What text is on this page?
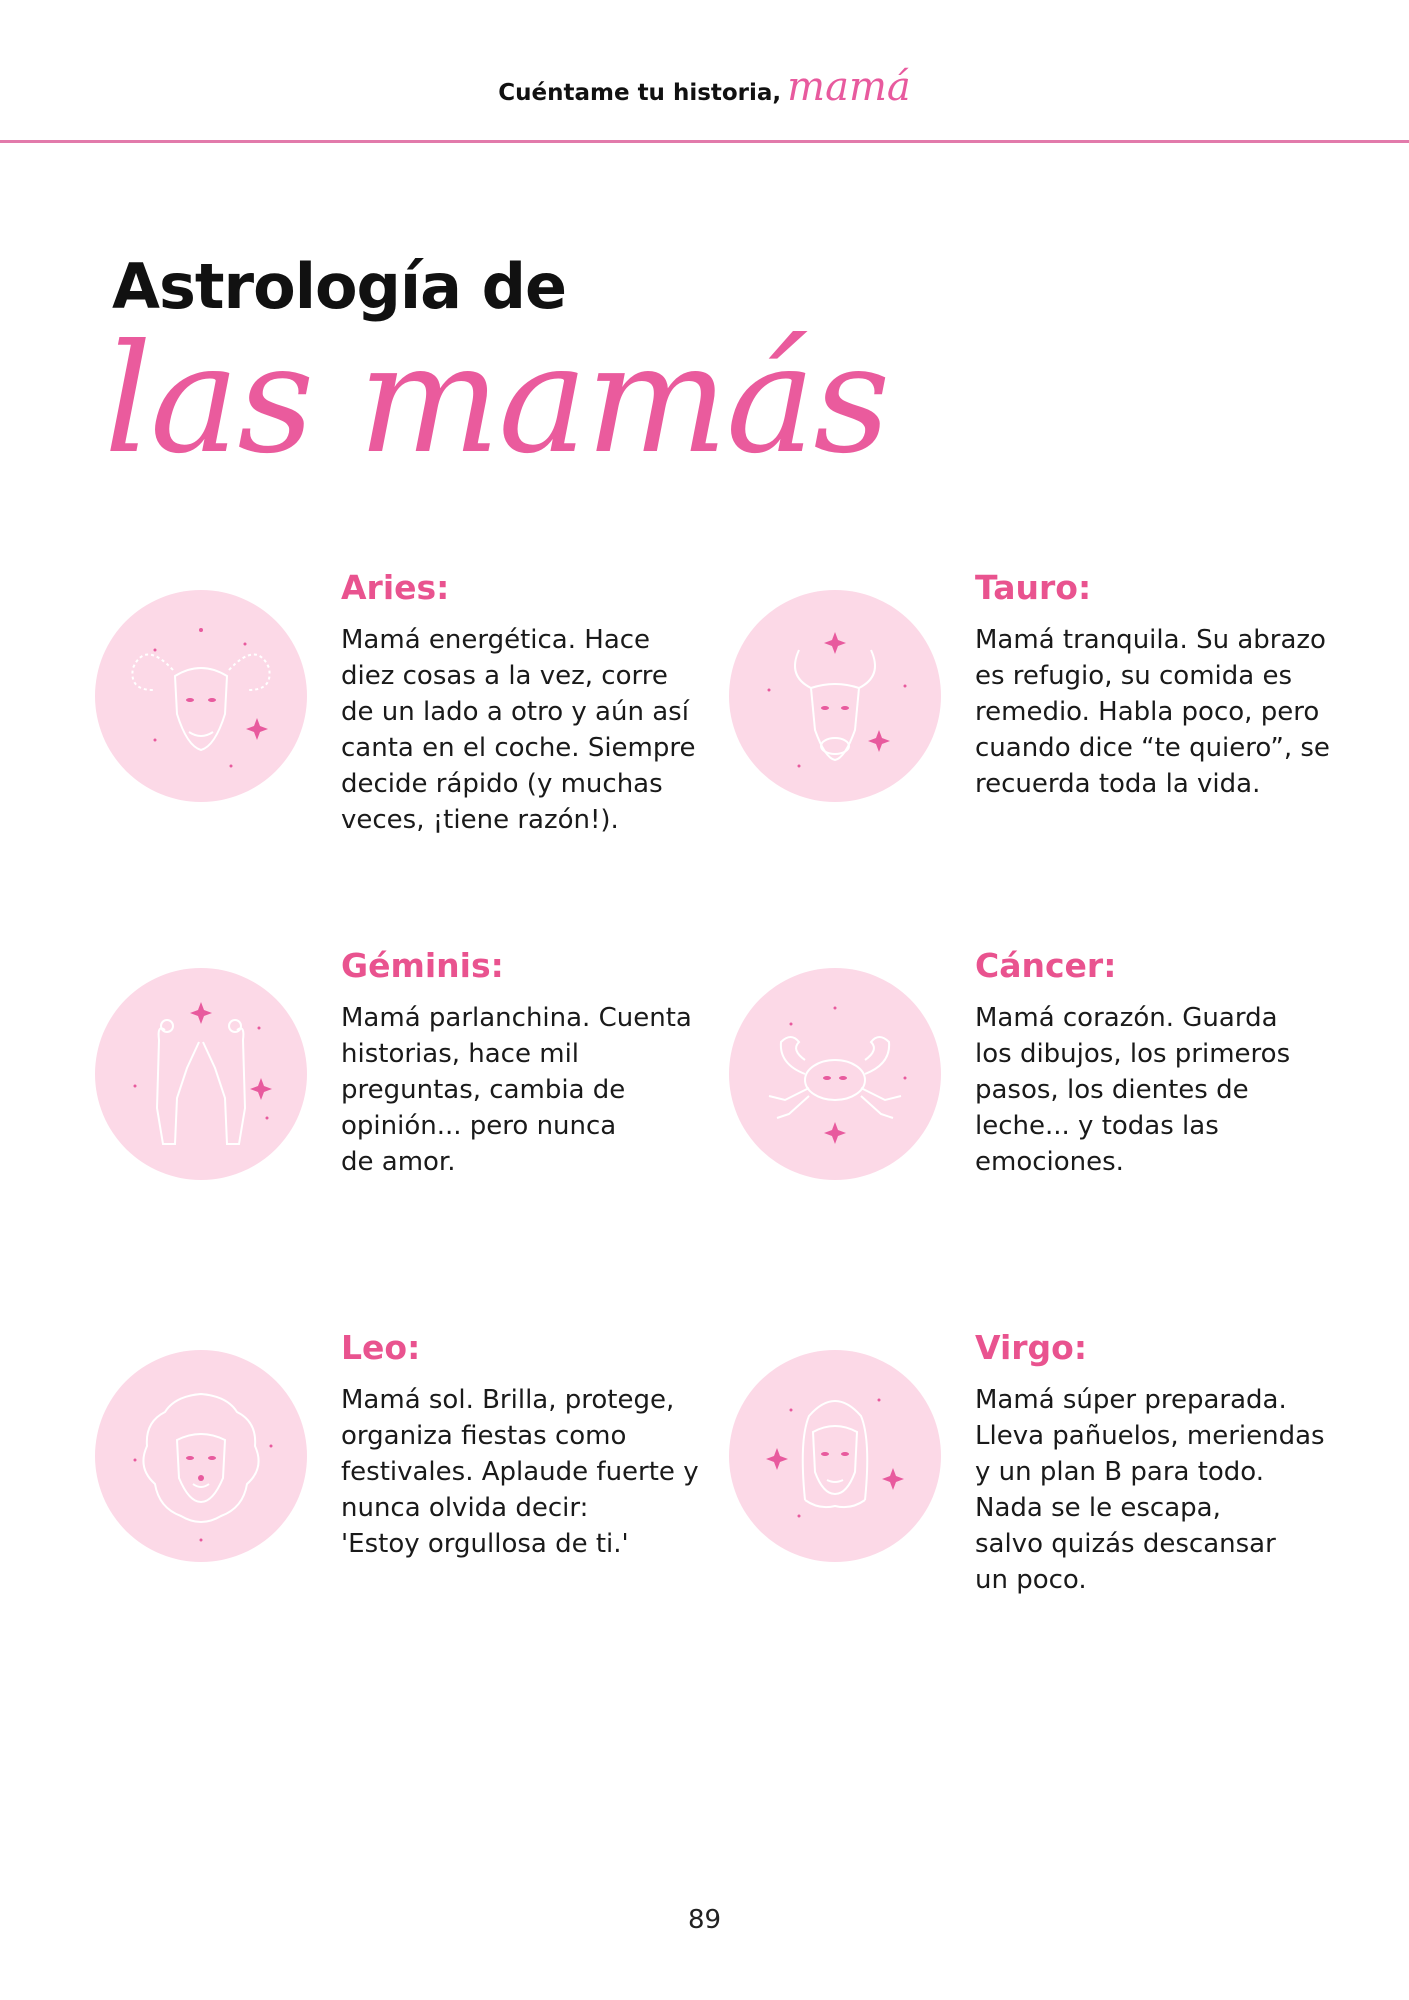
Cuéntame tu historia, mamá
Astrología de
las mamás
Aries:

Mamá energética. Hace
diez cosas a la vez, corre
de un lado a otro y aún así
canta en el coche. Siempre
decide rápido (y muchas
veces, ¡tiene razón!).

Tauro:

Mamá tranquila. Su abrazo
es refugio, su comida es
remedio. Habla poco, pero
cuando dice “te quiero”, se
recuerda toda la vida.

Géminis:

Mamá parlanchina. Cuenta
historias, hace mil
preguntas, cambia de
opinión... pero nunca
de amor.

Cáncer:

Mamá corazón. Guarda
los dibujos, los primeros
pasos, los dientes de
leche... y todas las
emociones.

Leo:

Mamá sol. Brilla, protege,
organiza fiestas como
festivales. Aplaude fuerte y
nunca olvida decir:
'Estoy orgullosa de ti.'

Virgo:

Mamá súper preparada.
Lleva pañuelos, meriendas
y un plan B para todo.
Nada se le escapa,
salvo quizás descansar
un poco.

89
